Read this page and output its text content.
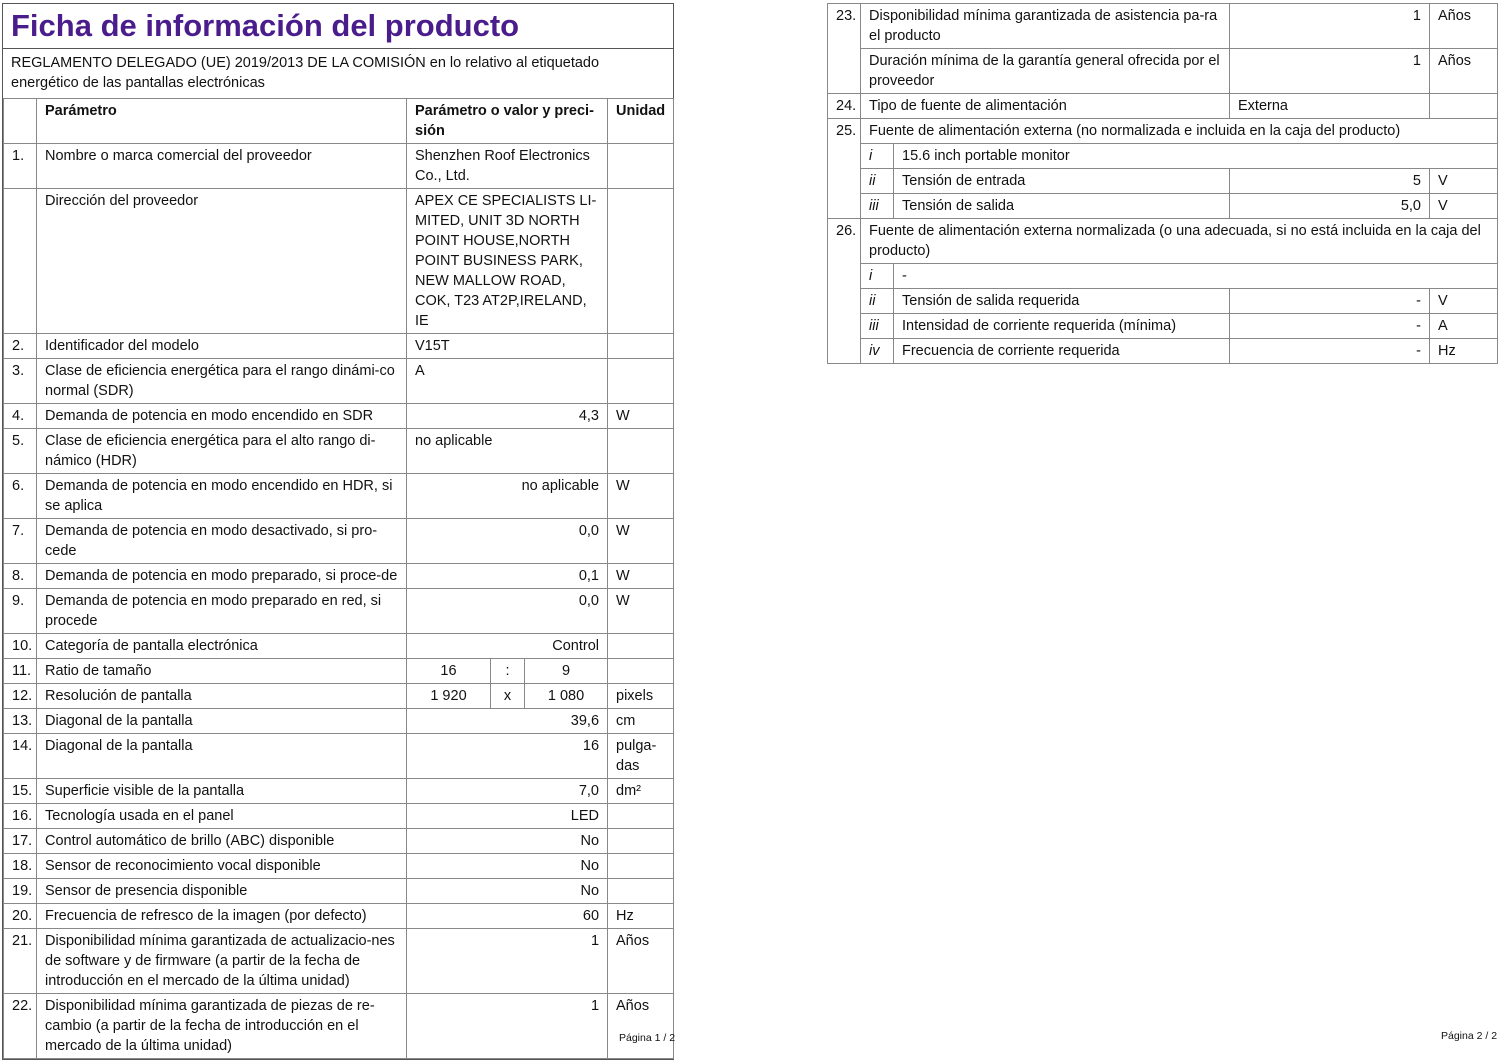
Ficha de información del producto
REGLAMENTO DELEGADO (UE) 2019/2013 DE LA COMISIÓN en lo relativo al etiquetado energético de las pantallas electrónicas
	Parámetro	Parámetro o valor y preci-sión			Unidad
1.	Nombre o marca comercial del proveedor	Shenzhen Roof Electronics Co., Ltd.			
	Dirección del proveedor	APEX CE SPECIALISTS LI-MITED, UNIT 3D NORTH POINT HOUSE,NORTH POINT BUSINESS PARK, NEW MALLOW ROAD, COK, T23 AT2P,IRELAND, IE			
2.	Identificador del modelo	V15T			
3.	Clase de eficiencia energética para el rango dinámi-co normal (SDR)	A			
4.	Demanda de potencia en modo encendido en SDR	4,3			W
5.	Clase de eficiencia energética para el alto rango di-námico (HDR)	no aplicable			
6.	Demanda de potencia en modo encendido en HDR, si se aplica	no aplicable			W
7.	Demanda de potencia en modo desactivado, si pro-cede	0,0			W
8.	Demanda de potencia en modo preparado, si proce-de	0,1			W
9.	Demanda de potencia en modo preparado en red, si procede	0,0			W
10.	Categoría de pantalla electrónica	Control			
11.	Ratio de tamaño	16	:	9	
12.	Resolución de pantalla	1 920	x	1 080	pixels
13.	Diagonal de la pantalla	39,6			cm
14.	Diagonal de la pantalla	16			pulga-das
15.	Superficie visible de la pantalla	7,0			dm²
16.	Tecnología usada en el panel	LED			
17.	Control automático de brillo (ABC) disponible	No			
18.	Sensor de reconocimiento vocal disponible	No			
19.	Sensor de presencia disponible	No			
20.	Frecuencia de refresco de la imagen (por defecto)	60			Hz
21.	Disponibilidad mínima garantizada de actualizacio-nes de software y de firmware (a partir de la fecha de introducción en el mercado de la última unidad)	1			Años
22.	Disponibilidad mínima garantizada de piezas de re-cambio (a partir de la fecha de introducción en el mercado de la última unidad)	1			Años
23.	Disponibilidad mínima garantizada de asistencia pa-ra el producto		1	Años
	Duración mínima de la garantía general ofrecida por el proveedor		1	Años
24.	Tipo de fuente de alimentación		Externa	
25.	Fuente de alimentación externa (no normalizada e incluida en la caja del producto)			
	i	15.6 inch portable monitor		
	ii	Tensión de entrada	5	V
	iii	Tensión de salida	5,0	V
26.	Fuente de alimentación externa normalizada (o una adecuada, si no está incluida en la caja del producto)			
	i	-		
	ii	Tensión de salida requerida	-	V
	iii	Intensidad de corriente requerida (mínima)	-	A
	iv	Frecuencia de corriente requerida	-	Hz
Página 1 / 2	Página 2 / 2
